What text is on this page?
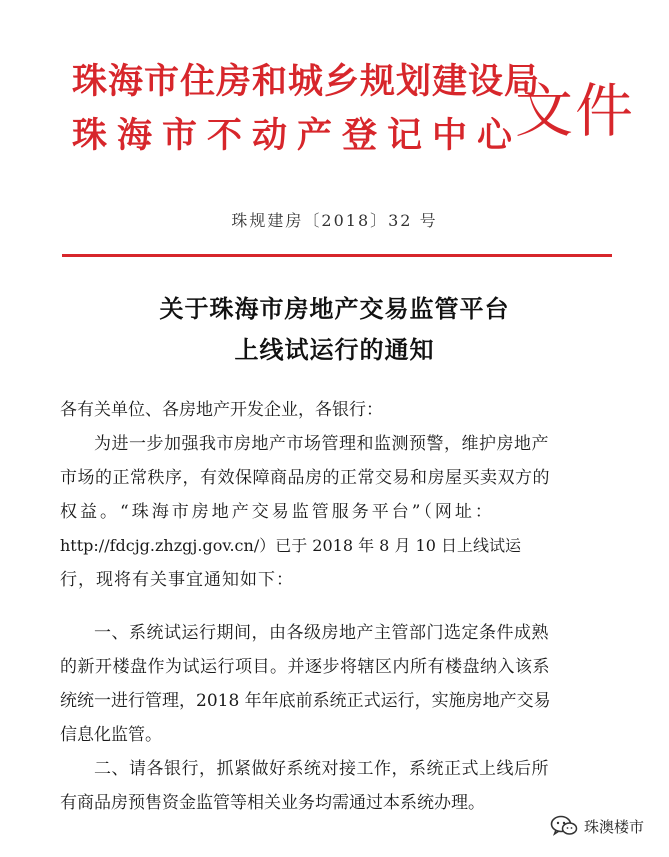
珠海市住房和城乡规划建设局
珠海市不动产登记中心
文件
珠规建房〔2018〕32 号
关于珠海市房地产交易监管平台
上线试运行的通知
各有关单位、各房地产开发企业，各银行：
为进一步加强我市房地产市场管理和监测预警，维护房地产
市场的正常秩序，有效保障商品房的正常交易和房屋买卖双方的
权益。“珠海市房地产交易监管服务平台”（网址：
http://fdcjg.zhzgj.gov.cn/）已于 2018 年 8 月 10 日上线试运
行，现将有关事宜通知如下：
一、系统试运行期间，由各级房地产主管部门选定条件成熟
的新开楼盘作为试运行项目。并逐步将辖区内所有楼盘纳入该系
统统一进行管理，2018 年年底前系统正式运行，实施房地产交易
信息化监管。
二、请各银行，抓紧做好系统对接工作，系统正式上线后所
有商品房预售资金监管等相关业务均需通过本系统办理。
珠澳楼市
